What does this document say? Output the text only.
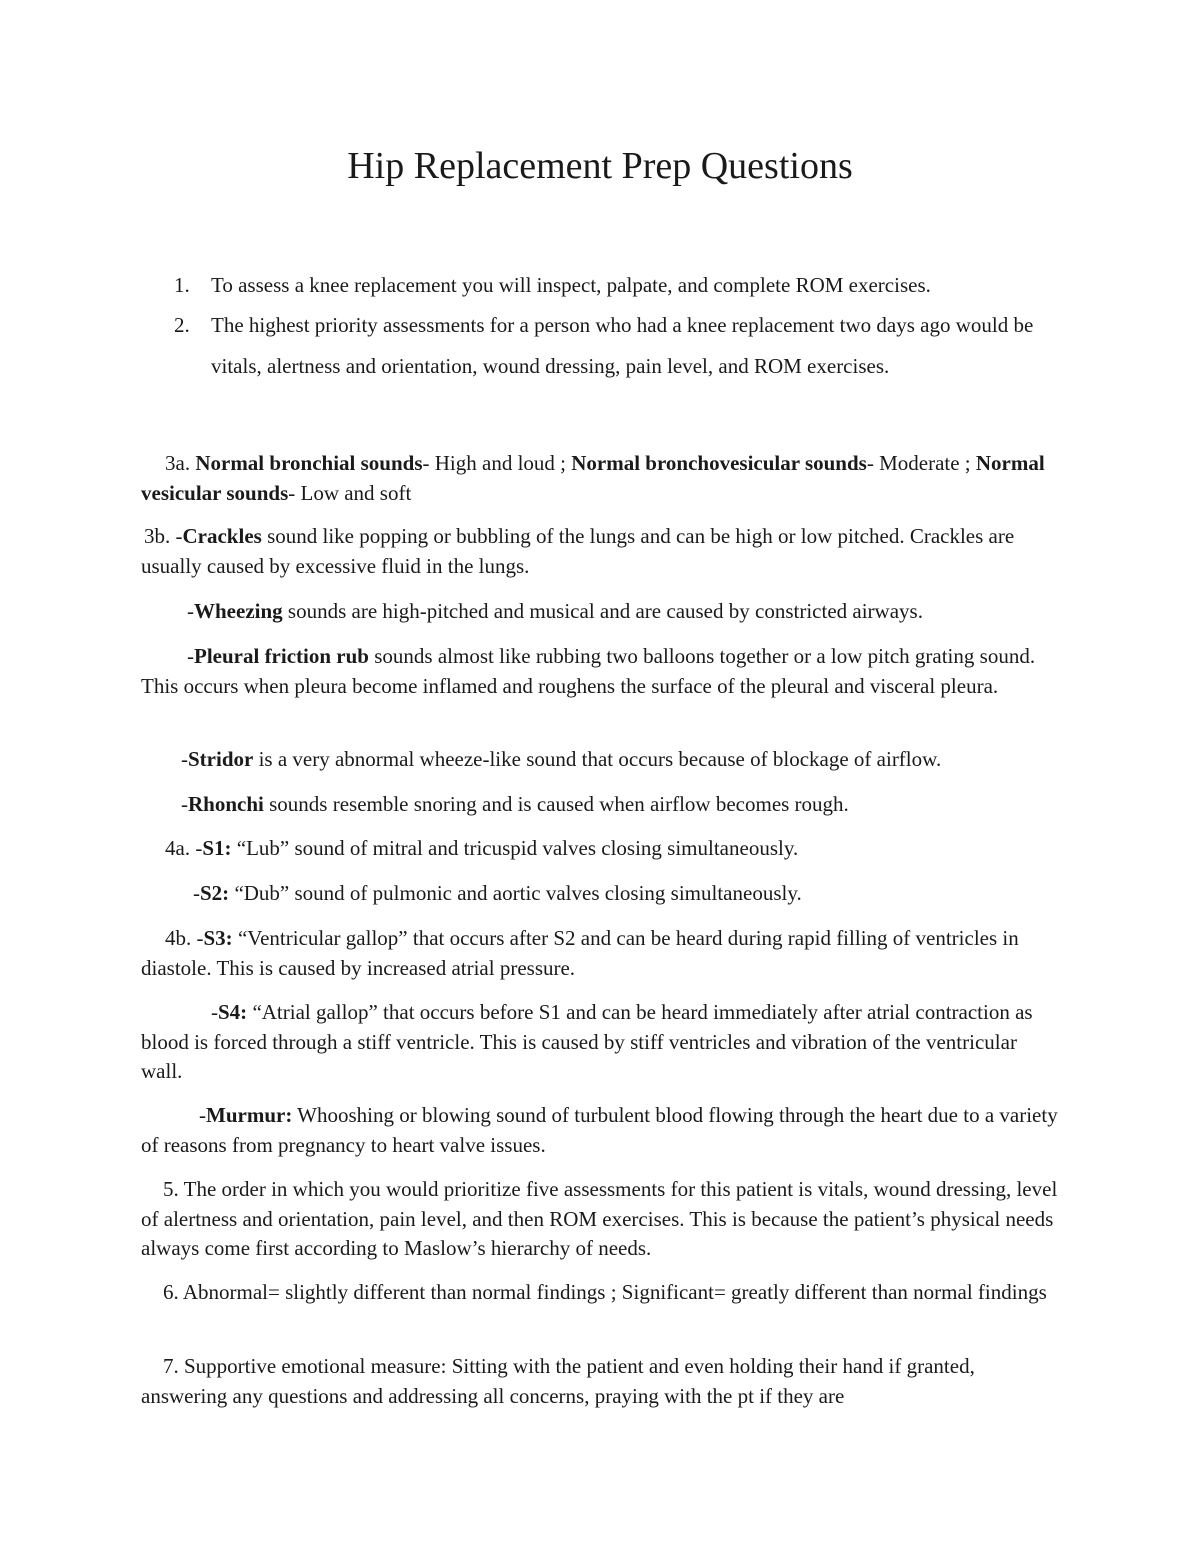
Hip Replacement Prep Questions
1. To assess a knee replacement you will inspect, palpate, and complete ROM exercises.
2. The highest priority assessments for a person who had a knee replacement two days ago would be vitals, alertness and orientation, wound dressing, pain level, and ROM exercises.

3a. Normal bronchial sounds- High and loud ; Normal bronchovesicular sounds- Moderate ; Normal vesicular sounds- Low and soft

3b. -Crackles sound like popping or bubbling of the lungs and can be high or low pitched. Crackles are usually caused by excessive fluid in the lungs.

-Wheezing sounds are high-pitched and musical and are caused by constricted airways.

-Pleural friction rub sounds almost like rubbing two balloons together or a low pitch grating sound. This occurs when pleura become inflamed and roughens the surface of the pleural and visceral pleura.

-Stridor is a very abnormal wheeze-like sound that occurs because of blockage of airflow.

-Rhonchi sounds resemble snoring and is caused when airflow becomes rough.

4a. -S1: “Lub” sound of mitral and tricuspid valves closing simultaneously.

-S2: “Dub” sound of pulmonic and aortic valves closing simultaneously.

4b. -S3: “Ventricular gallop” that occurs after S2 and can be heard during rapid filling of ventricles in diastole. This is caused by increased atrial pressure.

-S4: “Atrial gallop” that occurs before S1 and can be heard immediately after atrial contraction as blood is forced through a stiff ventricle. This is caused by stiff ventricles and vibration of the ventricular wall.

-Murmur: Whooshing or blowing sound of turbulent blood flowing through the heart due to a variety of reasons from pregnancy to heart valve issues.

5. The order in which you would prioritize five assessments for this patient is vitals, wound dressing, level of alertness and orientation, pain level, and then ROM exercises. This is because the patient’s physical needs always come first according to Maslow’s hierarchy of needs.

6. Abnormal= slightly different than normal findings ; Significant= greatly different than normal findings

7. Supportive emotional measure: Sitting with the patient and even holding their hand if granted, answering any questions and addressing all concerns, praying with the pt if they are
